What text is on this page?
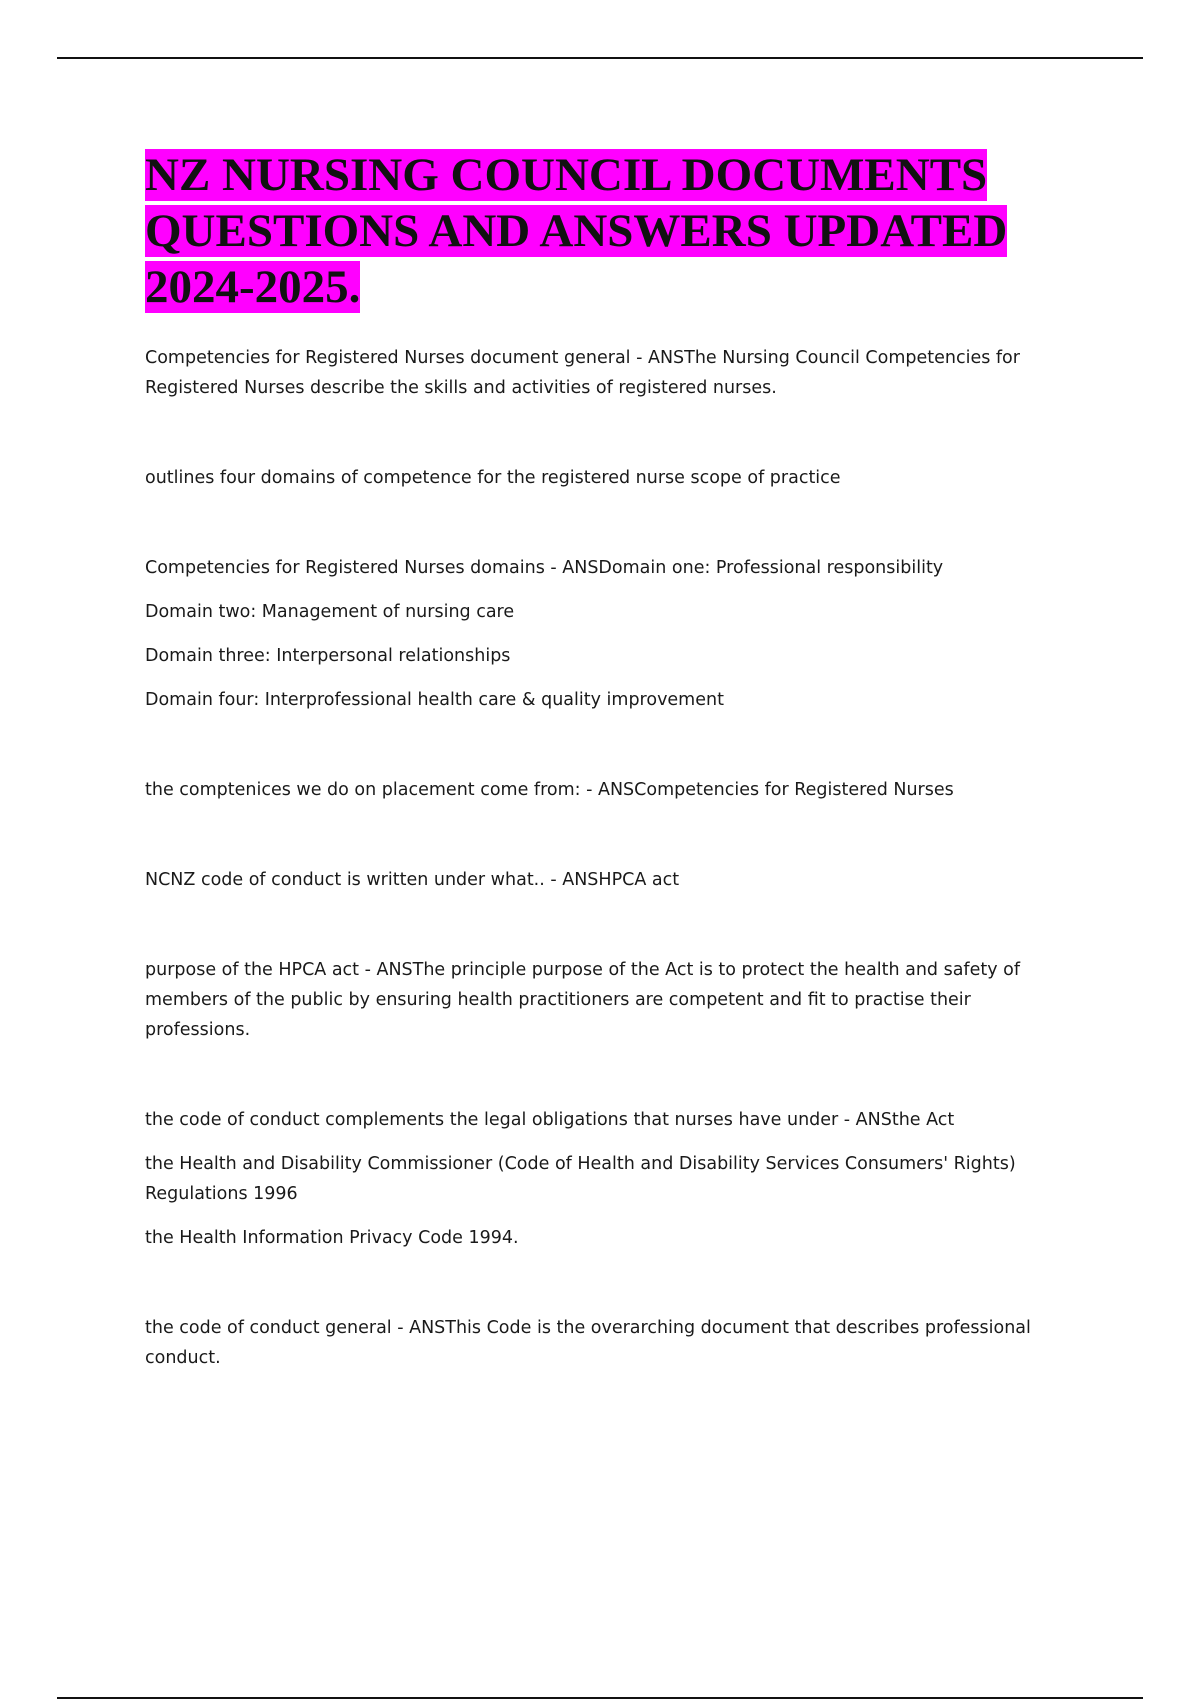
NZ NURSING COUNCIL DOCUMENTS QUESTIONS AND ANSWERS UPDATED 2024-2025.

Competencies for Registered Nurses document general - ANSThe Nursing Council Competencies for Registered Nurses describe the skills and activities of registered nurses.

outlines four domains of competence for the registered nurse scope of practice

Competencies for Registered Nurses domains - ANSDomain one: Professional responsibility

Domain two: Management of nursing care

Domain three: Interpersonal relationships

Domain four: Interprofessional health care & quality improvement

the comptenices we do on placement come from: - ANSCompetencies for Registered Nurses

NCNZ code of conduct is written under what.. - ANSHPCA act

purpose of the HPCA act - ANSThe principle purpose of the Act is to protect the health and safety of members of the public by ensuring health practitioners are competent and fit to practise their professions.

the code of conduct complements the legal obligations that nurses have under - ANSthe Act

the Health and Disability Commissioner (Code of Health and Disability Services Consumers' Rights) Regulations 1996

the Health Information Privacy Code 1994.

the code of conduct general - ANSThis Code is the overarching document that describes professional conduct.
